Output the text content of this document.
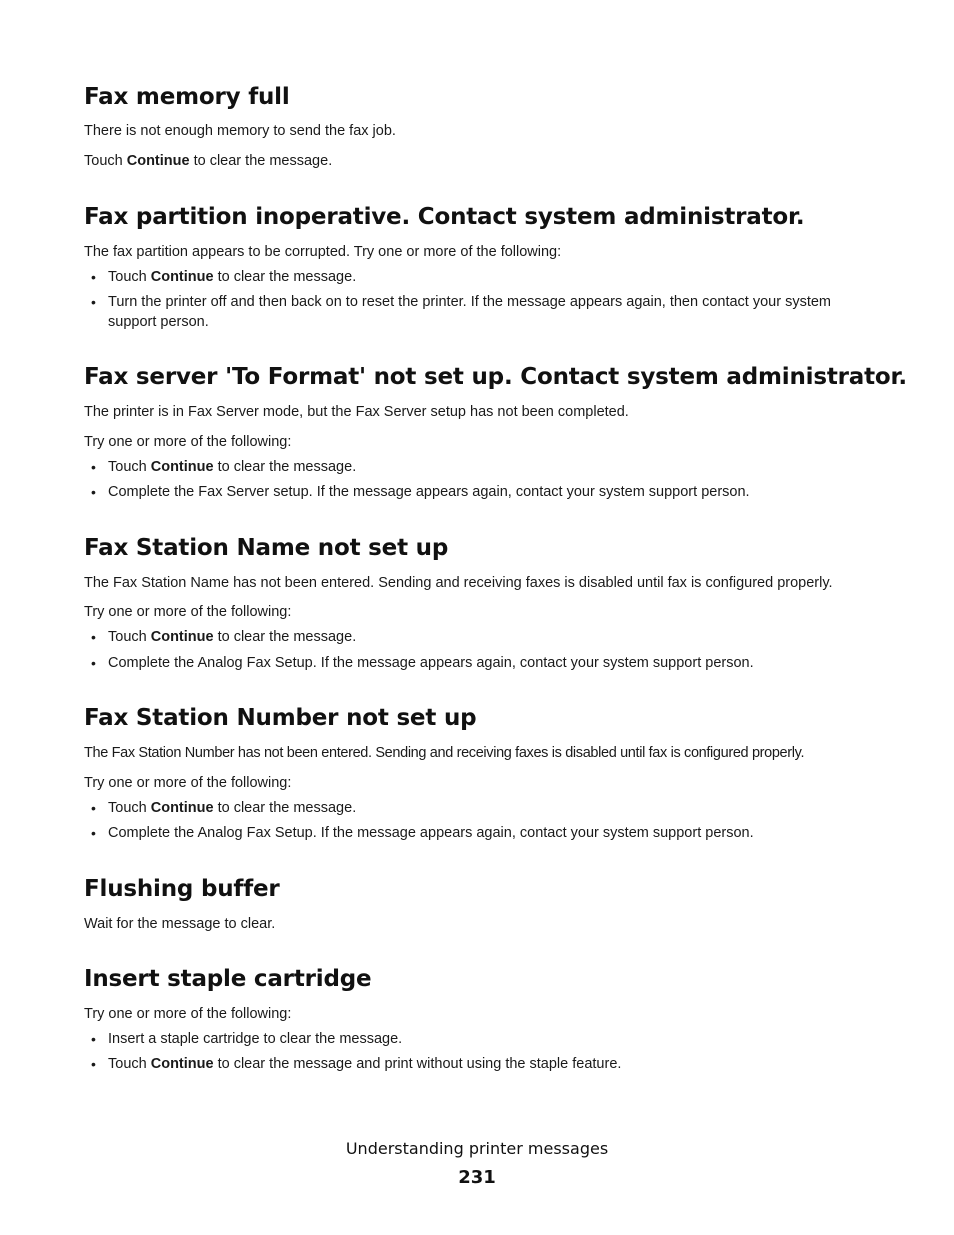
Fax memory full

There is not enough memory to send the fax job.

Touch Continue to clear the message.

Fax partition inoperative. Contact system administrator.

The fax partition appears to be corrupted. Try one or more of the following:

• Touch Continue to clear the message.

• Turn the printer off and then back on to reset the printer. If the message appears again, then contact your system support person.

Fax server 'To Format' not set up. Contact system administrator.

The printer is in Fax Server mode, but the Fax Server setup has not been completed.

Try one or more of the following:

• Touch Continue to clear the message.

• Complete the Fax Server setup. If the message appears again, contact your system support person.

Fax Station Name not set up

The Fax Station Name has not been entered. Sending and receiving faxes is disabled until fax is configured properly.

Try one or more of the following:

• Touch Continue to clear the message.

• Complete the Analog Fax Setup. If the message appears again, contact your system support person.

Fax Station Number not set up

The Fax Station Number has not been entered. Sending and receiving faxes is disabled until fax is configured properly.

Try one or more of the following:

• Touch Continue to clear the message.

• Complete the Analog Fax Setup. If the message appears again, contact your system support person.

Flushing buffer

Wait for the message to clear.

Insert staple cartridge

Try one or more of the following:

• Insert a staple cartridge to clear the message.

• Touch Continue to clear the message and print without using the staple feature.

Understanding printer messages
231
